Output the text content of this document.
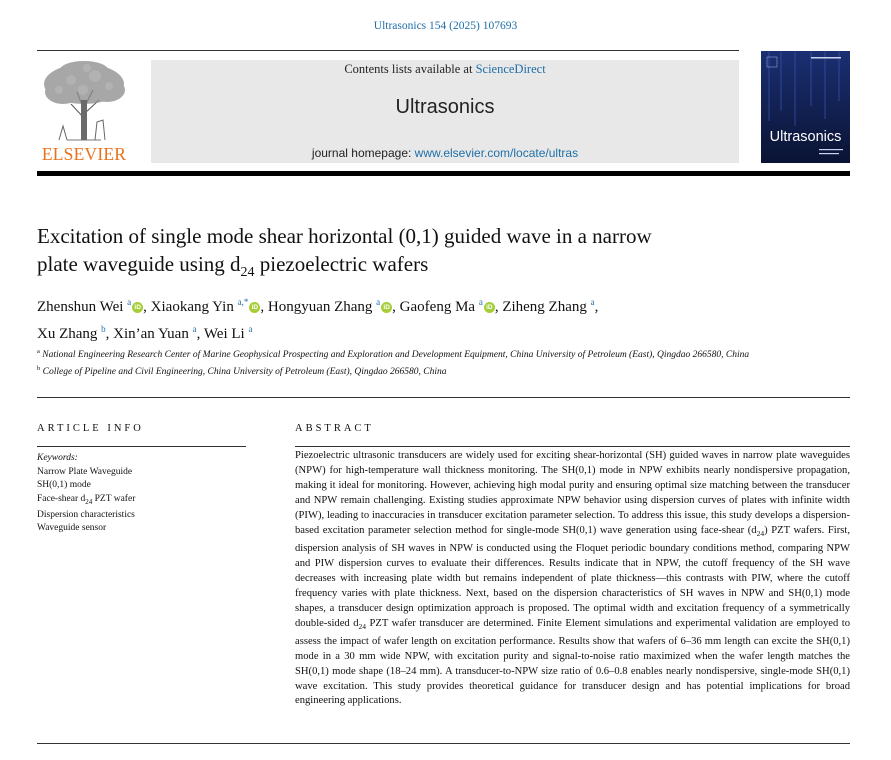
Ultrasonics 154 (2025) 107693
ELSEVIER
Contents lists available at ScienceDirect
Ultrasonics
journal homepage: www.elsevier.com/locate/ultras
Ultrasonics
Excitation of single mode shear horizontal (0,1) guided wave in a narrow
plate waveguide using $d_{24}$ piezoelectric wafers
Zhenshun Wei $^a$iD , Xiaokang Yin $^{a,*}$iD , Hongyuan Zhang $^a$iD , Gaofeng Ma $^a$iD , Ziheng Zhang $^a$,
Xu Zhang $^b$, Xin’an Yuan $^a$, Wei Li $^a$
$^a$ National Engineering Research Center of Marine Geophysical Prospecting and Exploration and Development Equipment, China University of Petroleum (East), Qingdao 266580, China
$^b$ College of Pipeline and Civil Engineering, China University of Petroleum (East), Qingdao 266580, China
ARTICLE INFO	ABSTRACT
Keywords:
Narrow Plate Waveguide
SH(0,1) mode
Face-shear $d_{24}$ PZT wafer
Dispersion characteristics
Waveguide sensor
Piezoelectric ultrasonic transducers are widely used for exciting shear-horizontal (SH) guided waves in narrow plate waveguides (NPW) for high-temperature wall thickness monitoring. The SH(0,1) mode in NPW exhibits nearly nondispersive propagation, making it ideal for monitoring. However, achieving high modal purity and ensuring optimal size matching between the transducer and NPW remain challenging. Existing studies approximate NPW behavior using dispersion curves of plates with infinite width (PIW), leading to inaccuracies in transducer excitation parameter selection. To address this issue, this study develops a dispersion-based excitation parameter selection method for single-mode SH(0,1) wave generation using face-shear $(d_{24})$ PZT wafers. First, dispersion analysis of SH waves in NPW is conducted using the Floquet periodic boundary conditions method, comparing NPW and PIW dispersion curves to evaluate their differences. Results indicate that in NPW, the cutoff frequency of the SH wave decreases with increasing plate width but remains independent of plate thickness—this contrasts with PIW, where the cutoff frequency varies with plate thickness. Next, based on the dispersion characteristics of SH waves in NPW and SH(0,1) mode shapes, a transducer design optimization approach is proposed. The optimal width and excitation frequency of a symmetrically double-sided $d_{24}$ PZT wafer transducer are determined. Finite Element simulations and experimental validation are employed to assess the impact of wafer length on excitation performance. Results show that wafers of 6–36 mm length can excite the SH(0,1) mode in a 30 mm wide NPW, with excitation purity and signal-to-noise ratio maximized when the wafer length matches the SH(0,1) mode shape (18–24 mm). A transducer-to-NPW size ratio of 0.6–0.8 enables nearly nondispersive, single-mode SH(0,1) wave excitation. This study provides theoretical guidance for transducer design and has potential implications for broad engineering applications.
